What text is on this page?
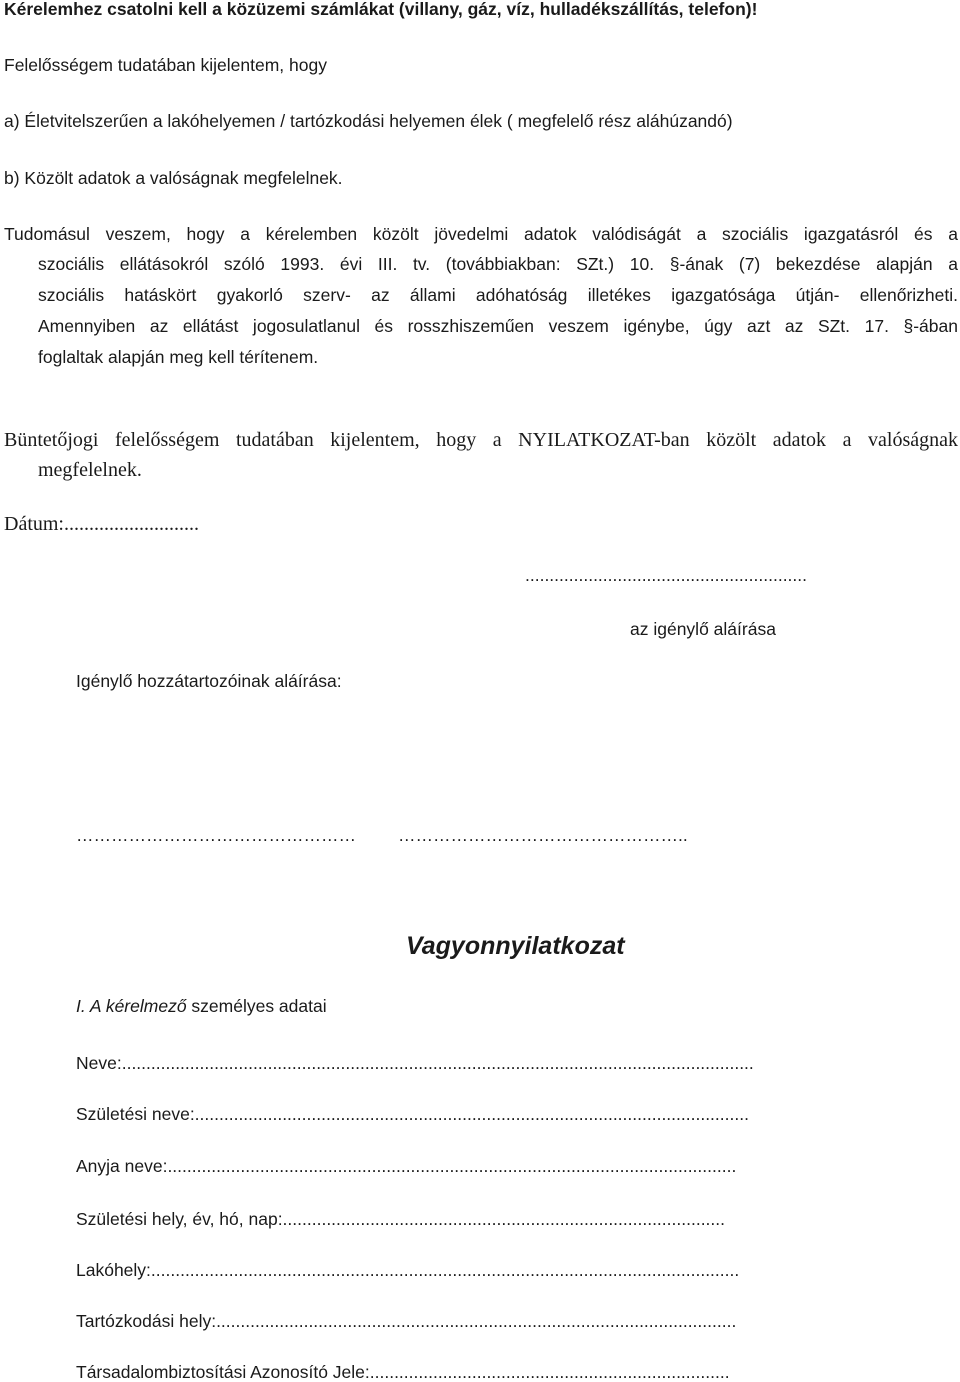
Kérelemhez csatolni kell a közüzemi számlákat (villany, gáz, víz, hulladékszállítás, telefon)!
Felelősségem tudatában kijelentem, hogy
a) Életvitelszerűen a lakóhelyemen / tartózkodási helyemen élek ( megfelelő rész aláhúzandó)
b) Közölt adatok a valóságnak megfelelnek.
Tudomásul veszem, hogy a kérelemben közölt jövedelmi adatok valódiságát a szociális igazgatásról és a
szociális ellátásokról szóló 1993. évi III. tv. (továbbiakban: SZt.) 10. §-ának (7) bekezdése alapján a
szociális hatáskört gyakorló szerv- az állami adóhatóság illetékes igazgatósága útján- ellenőrizheti.
Amennyiben az ellátást jogosulatlanul és rosszhiszeműen veszem igénybe, úgy azt az SZt. 17. §-ában
foglaltak alapján meg kell térítenem.
Büntetőjogi felelősségem tudatában kijelentem, hogy a NYILATKOZAT-ban közölt adatok a valóságnak
megfelelnek.
Dátum:...........................
..........................................................
az igénylő aláírása
Igénylő hozzátartozóinak aláírása:
………………………………………… …………………………………………..
Vagyonnyilatkozat
I. A kérelmező személyes adatai
Neve:..................................................................................................................................
Születési neve:..................................................................................................................
Anyja neve:.....................................................................................................................
Születési hely, év, hó, nap:...........................................................................................
Lakóhely:.........................................................................................................................
Tartózkodási hely:...........................................................................................................
Társadalombiztosítási Azonosító Jele:..........................................................................
